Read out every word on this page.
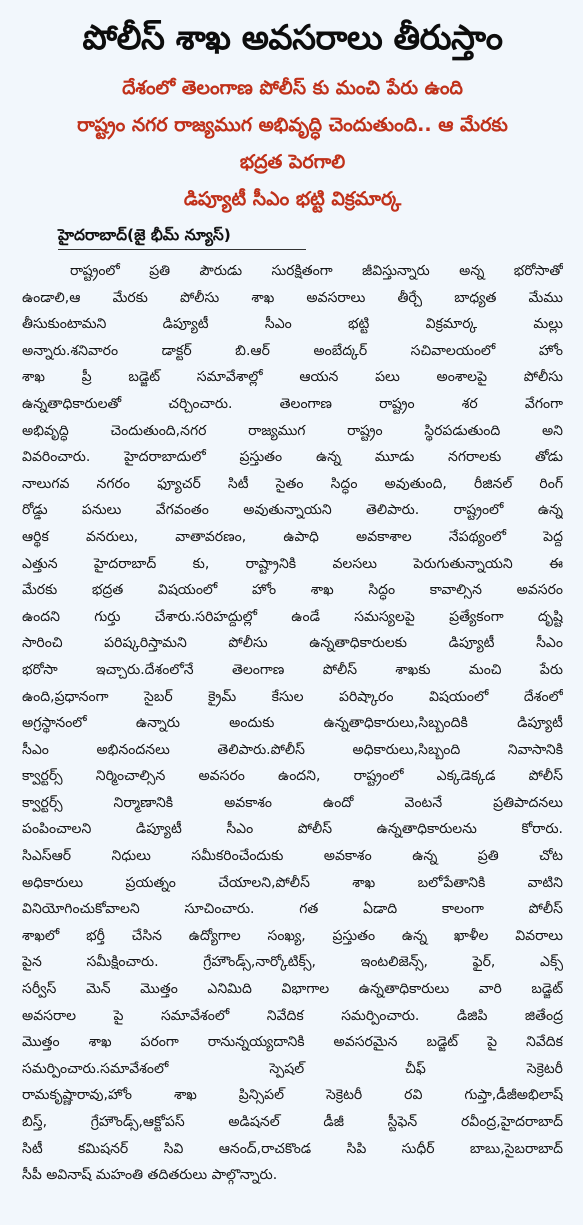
పోలీస్ శాఖ అవసరాలు తీరుస్తాం
దేశంలో తెలంగాణ పోలీస్ కు మంచి పేరు ఉంది
రాష్ట్రం నగర రాజ్యముగ అభివృద్ధి చెందుతుంది.. ఆ మేరకు
భద్రత పెరగాలి
డిప్యూటీ సీఎం భట్టి విక్రమార్క
హైదరాబాద్(జై భీమ్ న్యూస్)
రాష్ట్రంలో ప్రతి పౌరుడు సురక్షితంగా జీవిస్తున్నారు అన్న భరోసాతో
ఉండాలి,ఆ మేరకు పోలీసు శాఖ అవసరాలు తీర్చే బాధ్యత మేము
తీసుకుంటామని డిప్యూటీ సీఎం భట్టి విక్రమార్క మల్లు
అన్నారు.శనివారం డాక్టర్ బి.ఆర్ అంబేద్కర్ సచివాలయంలో హోం
శాఖ ప్రీ బడ్జెట్ సమావేశాల్లో ఆయన పలు అంశాలపై పోలీసు
ఉన్నతాధికారులతో చర్చించారు. తెలంగాణ రాష్ట్రం శర వేగంగా
అభివృద్ధి చెందుతుంది,నగర రాజ్యముగ రాష్ట్రం స్థిరపడుతుంది అని
వివరించారు. హైదరాబాదులో ప్రస్తుతం ఉన్న మూడు నగరాలకు తోడు
నాలుగవ నగరం ఫ్యూచర్ సిటీ సైతం సిద్ధం అవుతుంది, రీజినల్ రింగ్
రోడ్డు పనులు వేగవంతం అవుతున్నాయని తెలిపారు. రాష్ట్రంలో ఉన్న
ఆర్థిక వనరులు, వాతావరణం, ఉపాధి అవకాశాల నేపథ్యంలో పెద్ద
ఎత్తున హైదరాబాద్ కు, రాష్ట్రానికి వలసలు పెరుగుతున్నాయని ఈ
మేరకు భద్రత విషయంలో హోం శాఖ సిద్ధం కావాల్సిన అవసరం
ఉందని గుర్తు చేశారు.సరిహద్దుల్లో ఉండే సమస్యలపై ప్రత్యేకంగా దృష్టి
సారించి పరిష్కరిస్తామని పోలీసు ఉన్నతాధికారులకు డిప్యూటీ సీఎం
భరోసా ఇచ్చారు.దేశంలోనే తెలంగాణ పోలీస్ శాఖకు మంచి పేరు
ఉంది,ప్రధానంగా సైబర్ క్రైమ్ కేసుల పరిష్కారం విషయంలో దేశంలో
అగ్రస్థానంలో ఉన్నారు అందుకు ఉన్నతాధికారులు,సిబ్బందికి డిప్యూటీ
సీఎం అభినందనలు తెలిపారు.పోలీస్ అధికారులు,సిబ్బంది నివాసానికి
క్వార్టర్స్ నిర్మించాల్సిన అవసరం ఉందని, రాష్ట్రంలో ఎక్కడెక్కడ పోలీస్
క్వార్టర్స్ నిర్మాణానికి అవకాశం ఉందో వెంటనే ప్రతిపాదనలు
పంపించాలని డిప్యూటీ సీఎం పోలీస్ ఉన్నతాధికారులను కోరారు.
సిఎస్ఆర్ నిధులు సమీకరించేందుకు అవకాశం ఉన్న ప్రతి చోట
అధికారులు ప్రయత్నం చేయాలని,పోలీస్ శాఖ బలోపేతానికి వాటిని
వినియోగించుకోవాలని సూచించారు. గత ఏడాది కాలంగా పోలీస్
శాఖలో భర్తీ చేసిన ఉద్యోగాల సంఖ్య, ప్రస్తుతం ఉన్న ఖాళీల వివరాలు
పైన సమీక్షించారు. గ్రేహౌండ్స్,నార్కోటిక్స్, ఇంటలిజెన్స్, ఫైర్, ఎక్స్
సర్వీస్ మెన్ మొత్తం ఎనిమిది విభాగాల ఉన్నతాధికారులు వారి బడ్జెట్
అవసరాల పై సమావేశంలో నివేదిక సమర్పించారు. డిజిపి జితేంద్ర
మొత్తం శాఖ పరంగా రానున్నయ్యదానికి అవసరమైన బడ్జెట్ పై నివేదిక
సమర్పించారు.సమావేశంలో స్పెషల్ చీఫ్ సెక్రెటరీ
రామకృష్ణారావు,హోం శాఖ ప్రిన్సిపల్ సెక్రెటరీ రవి గుప్తా,డీజీఅభిలాష్
బిస్త్, గ్రేహౌండ్స్,ఆక్టోపస్ అడిషనల్ డీజీ స్టీఫెన్ రవీంద్ర,హైదరాబాద్
సిటీ కమిషనర్ సివి ఆనంద్,రాచకొండ సిపి సుధీర్ బాబు,సైబరాబాద్
సీపీ అవినాష్ మహంతి తదితరులు పాల్గొన్నారు.
